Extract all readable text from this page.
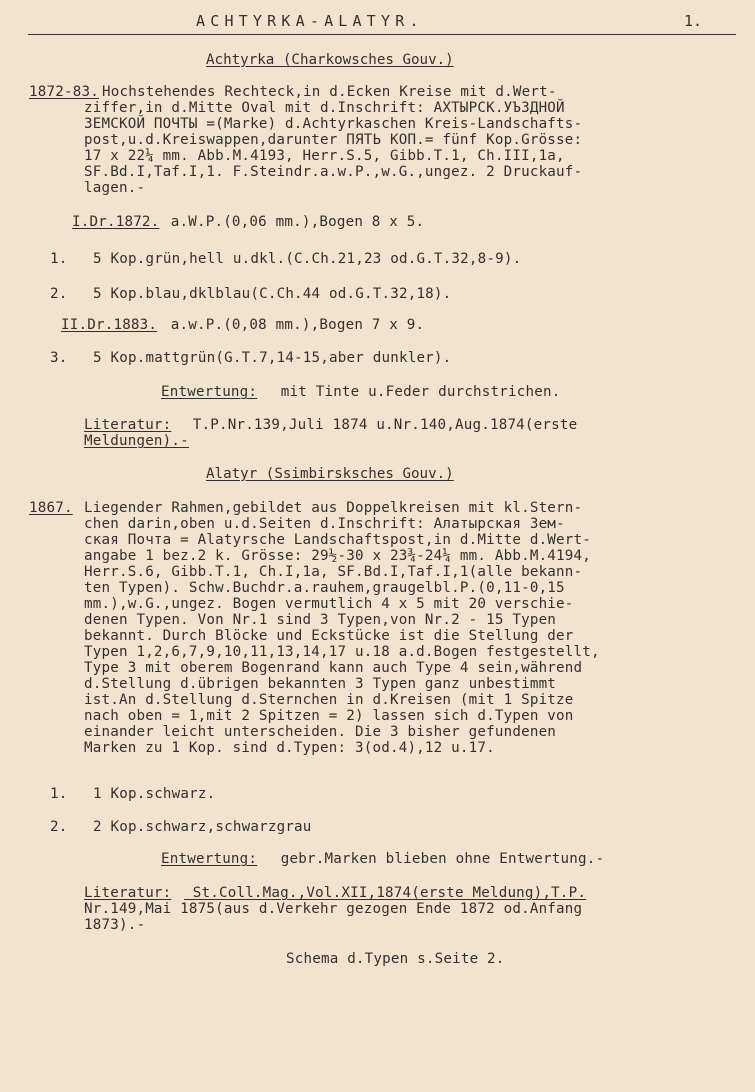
ACHTYRKA-ALATYR.	1.
Achtyrka (Charkowsches Gouv.)
1872-83. Hochstehendes Rechteck,in d.Ecken Kreise mit d.Wert-
ziffer,in d.Mitte Oval mit d.Inschrift: АХТЫРСК.УЪЗДНОЙ
ЗЕМСКОЙ ПОЧТЫ =(Marke) d.Achtyrkaschen Kreis-Landschafts-
post,u.d.Kreiswappen,darunter ПЯТЬ КОП.= fünf Kop.Grösse:
17 x 22¼ mm. Abb.M.4193, Herr.S.5, Gibb.T.1, Ch.III,1a,
SF.Bd.I,Taf.I,1. F.Steindr.a.w.P.,w.G.,ungez. 2 Druckauf-
lagen.-
I.Dr.1872. a.W.P.(0,06 mm.),Bogen 8 x 5.
1. 5 Kop.grün,hell u.dkl.(C.Ch.21,23 od.G.T.32,8-9).
2. 5 Kop.blau,dklblau(C.Ch.44 od.G.T.32,18).
II.Dr.1883. a.w.P.(0,08 mm.),Bogen 7 x 9.
3. 5 Kop.mattgrün(G.T.7,14-15,aber dunkler).
Entwertung: mit Tinte u.Feder durchstrichen.
Literatur: T.P.Nr.139,Juli 1874 u.Nr.140,Aug.1874(erste
Meldungen).-
Alatyr (Ssimbirsksches Gouv.)
1867. Liegender Rahmen,gebildet aus Doppelkreisen mit kl.Stern-
chen darin,oben u.d.Seiten d.Inschrift: Алатырская Зем-
ская Почта = Alatyrsche Landschaftspost,in d.Mitte d.Wert-
angabe 1 bez.2 k. Grösse: 29½-30 x 23¾-24¼ mm. Abb.M.4194,
Herr.S.6, Gibb.T.1, Ch.I,1a, SF.Bd.I,Taf.I,1(alle bekann-
ten Typen). Schw.Buchdr.a.rauhem,graugelbl.P.(0,11-0,15
mm.),w.G.,ungez. Bogen vermutlich 4 x 5 mit 20 verschie-
denen Typen. Von Nr.1 sind 3 Typen,von Nr.2 - 15 Typen
bekannt. Durch Blöcke und Eckstücke ist die Stellung der
Typen 1,2,6,7,9,10,11,13,14,17 u.18 a.d.Bogen festgestellt,
Type 3 mit oberem Bogenrand kann auch Type 4 sein,während
d.Stellung d.übrigen bekannten 3 Typen ganz unbestimmt
ist.An d.Stellung d.Sternchen in d.Kreisen (mit 1 Spitze
nach oben = 1,mit 2 Spitzen = 2) lassen sich d.Typen von
einander leicht unterscheiden. Die 3 bisher gefundenen
Marken zu 1 Kop. sind d.Typen: 3(od.4),12 u.17.
1. 1 Kop.schwarz.
2. 2 Kop.schwarz,schwarzgrau
Entwertung: gebr.Marken blieben ohne Entwertung.-
Literatur: St.Coll.Mag.,Vol.XII,1874(erste Meldung),T.P.
Nr.149,Mai 1875(aus d.Verkehr gezogen Ende 1872 od.Anfang
1873).-
Schema d.Typen s.Seite 2.
